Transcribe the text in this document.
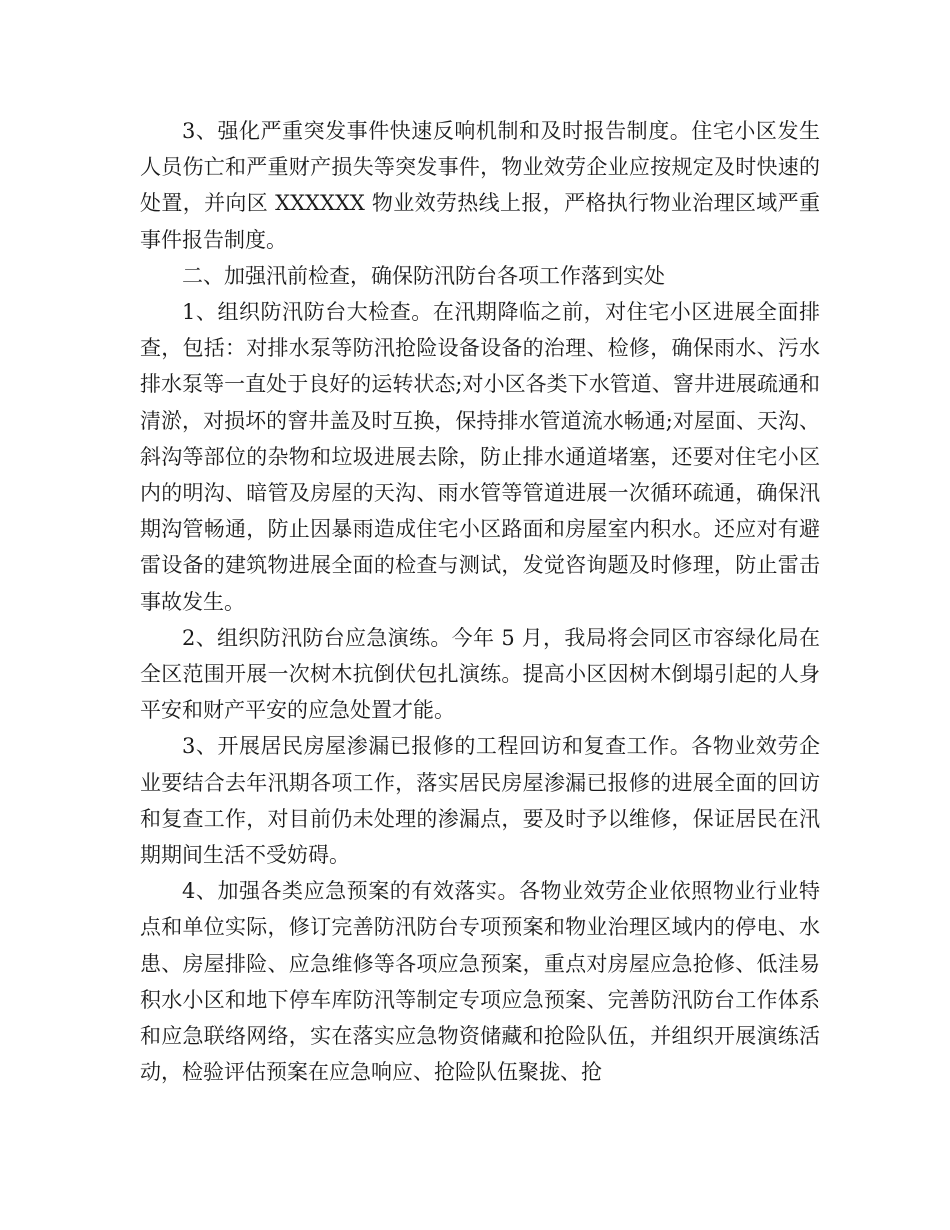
3、强化严重突发事件快速反响机制和及时报告制度。住宅小区发生人员伤亡和严重财产损失等突发事件，物业效劳企业应按规定及时快速的处置，并向区 XXXXXX 物业效劳热线上报，严格执行物业治理区域严重事件报告制度。

二、加强汛前检查，确保防汛防台各项工作落到实处

1、组织防汛防台大检查。在汛期降临之前，对住宅小区进展全面排查，包括：对排水泵等防汛抢险设备设备的治理、检修，确保雨水、污水排水泵等一直处于良好的运转状态;对小区各类下水管道、窨井进展疏通和清淤，对损坏的窨井盖及时互换，保持排水管道流水畅通;对屋面、天沟、斜沟等部位的杂物和垃圾进展去除，防止排水通道堵塞，还要对住宅小区内的明沟、暗管及房屋的天沟、雨水管等管道进展一次循环疏通，确保汛期沟管畅通，防止因暴雨造成住宅小区路面和房屋室内积水。还应对有避雷设备的建筑物进展全面的检查与测试，发觉咨询题及时修理，防止雷击事故发生。

2、组织防汛防台应急演练。今年 5 月，我局将会同区市容绿化局在全区范围开展一次树木抗倒伏包扎演练。提高小区因树木倒塌引起的人身平安和财产平安的应急处置才能。

3、开展居民房屋渗漏已报修的工程回访和复查工作。各物业效劳企业要结合去年汛期各项工作，落实居民房屋渗漏已报修的进展全面的回访和复查工作，对目前仍未处理的渗漏点，要及时予以维修，保证居民在汛期期间生活不受妨碍。

4、加强各类应急预案的有效落实。各物业效劳企业依照物业行业特点和单位实际，修订完善防汛防台专项预案和物业治理区域内的停电、水患、房屋排险、应急维修等各项应急预案，重点对房屋应急抢修、低洼易积水小区和地下停车库防汛等制定专项应急预案、完善防汛防台工作体系和应急联络网络，实在落实应急物资储藏和抢险队伍，并组织开展演练活动，检验评估预案在应急响应、抢险队伍聚拢、抢
